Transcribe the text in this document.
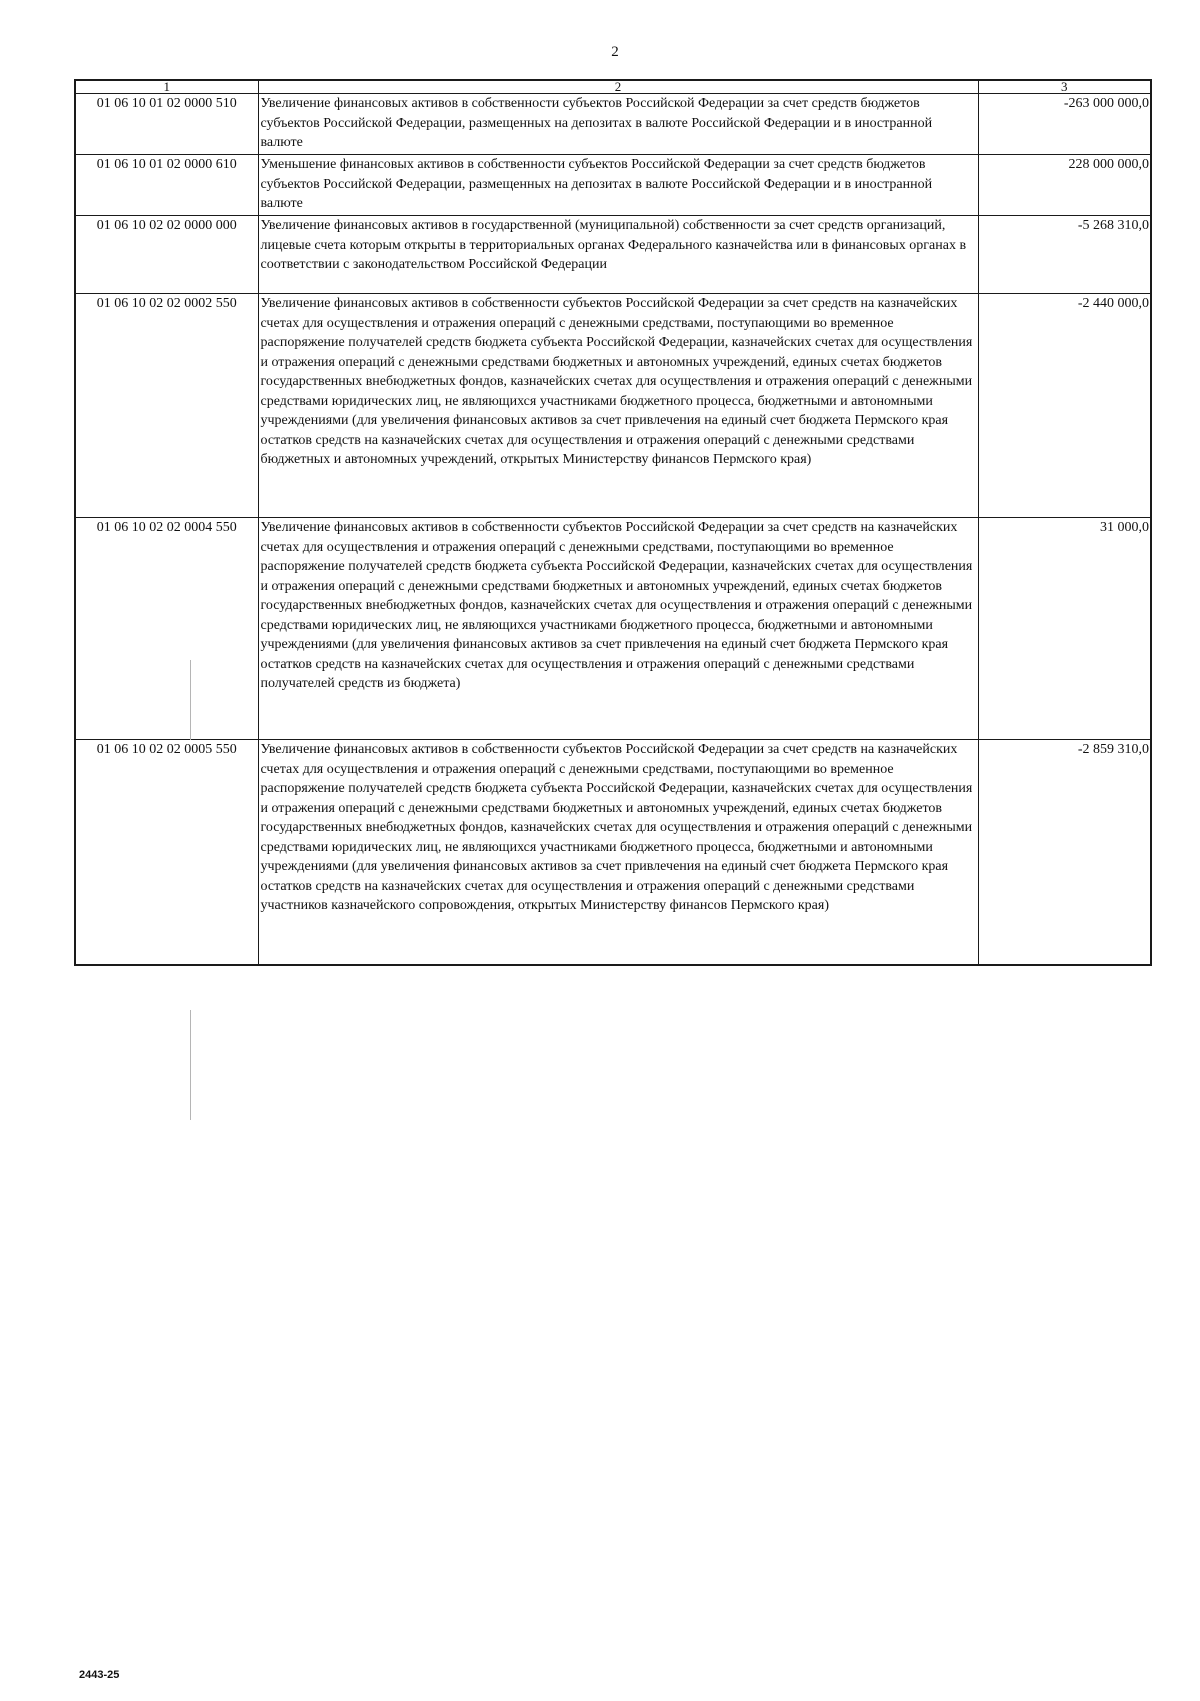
2
1	2	3
01 06 10 01 02 0000 510	Увеличение финансовых активов в собственности субъектов Российской Федерации за счет средств бюджетов субъектов Российской Федерации, размещенных на депозитах в валюте Российской Федерации и в иностранной валюте	-263 000 000,0
01 06 10 01 02 0000 610	Уменьшение финансовых активов в собственности субъектов Российской Федерации за счет средств бюджетов субъектов Российской Федерации, размещенных на депозитах в валюте Российской Федерации и в иностранной валюте	228 000 000,0
01 06 10 02 02 0000 000	Увеличение финансовых активов в государственной (муниципальной) собственности за счет средств организаций, лицевые счета которым открыты в территориальных органах Федерального казначейства или в финансовых органах в соответствии с законодательством Российской Федерации	-5 268 310,0
01 06 10 02 02 0002 550	Увеличение финансовых активов в собственности субъектов Российской Федерации за счет средств на казначейских счетах для осуществления и отражения операций с денежными средствами, поступающими во временное распоряжение получателей средств бюджета субъекта Российской Федерации, казначейских счетах для осуществления и отражения операций с денежными средствами бюджетных и автономных учреждений, единых счетах бюджетов государственных внебюджетных фондов, казначейских счетах для осуществления и отражения операций с денежными средствами юридических лиц, не являющихся участниками бюджетного процесса, бюджетными и автономными учреждениями (для увеличения финансовых активов за счет привлечения на единый счет бюджета Пермского края остатков средств на казначейских счетах для осуществления и отражения операций с денежными средствами бюджетных и автономных учреждений, открытых Министерству финансов Пермского края)	-2 440 000,0
01 06 10 02 02 0004 550	Увеличение финансовых активов в собственности субъектов Российской Федерации за счет средств на казначейских счетах для осуществления и отражения операций с денежными средствами, поступающими во временное распоряжение получателей средств бюджета субъекта Российской Федерации, казначейских счетах для осуществления и отражения операций с денежными средствами бюджетных и автономных учреждений, единых счетах бюджетов государственных внебюджетных фондов, казначейских счетах для осуществления и отражения операций с денежными средствами юридических лиц, не являющихся участниками бюджетного процесса, бюджетными и автономными учреждениями (для увеличения финансовых активов за счет привлечения на единый счет бюджета Пермского края остатков средств на казначейских счетах для осуществления и отражения операций с денежными средствами получателей средств из бюджета)	31 000,0
01 06 10 02 02 0005 550	Увеличение финансовых активов в собственности субъектов Российской Федерации за счет средств на казначейских счетах для осуществления и отражения операций с денежными средствами, поступающими во временное распоряжение получателей средств бюджета субъекта Российской Федерации, казначейских счетах для осуществления и отражения операций с денежными средствами бюджетных и автономных учреждений, единых счетах бюджетов государственных внебюджетных фондов, казначейских счетах для осуществления и отражения операций с денежными средствами юридических лиц, не являющихся участниками бюджетного процесса, бюджетными и автономными учреждениями (для увеличения финансовых активов за счет привлечения на единый счет бюджета Пермского края остатков средств на казначейских счетах для осуществления и отражения операций с денежными средствами участников казначейского сопровождения, открытых Министерству финансов Пермского края)	-2 859 310,0
2443-25
